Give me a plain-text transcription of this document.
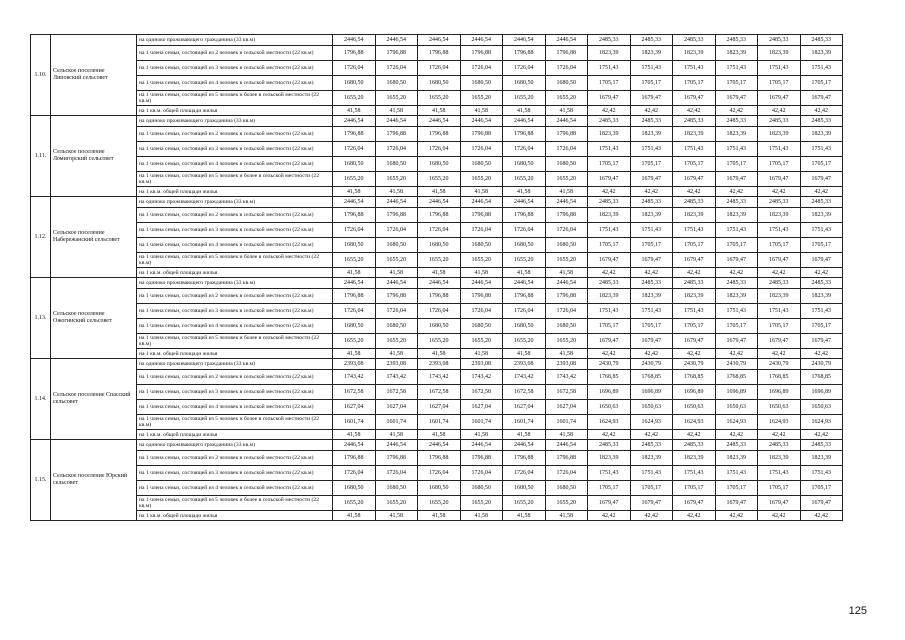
1.10.	Сельское поселение Липовский сельсовет	на одиноко проживающего гражданина (33 кв.м)	2446,54	2446,54	2446,54	2446,54	2446,54	2446,54	2485,33	2485,33	2485,33	2485,33	2485,33	2485,33
		на 1 члена семьи, состоящей из 2 человек в сельской местности (22 кв.м)	1796,88	1796,88	1796,88	1796,88	1796,88	1796,88	1823,39	1823,39	1823,39	1823,39	1823,39	1823,39
		на 1 члена семьи, состоящей из 3 человек в сельской местности (22 кв.м)	1726,04	1726,04	1726,04	1726,04	1726,04	1726,04	1751,43	1751,43	1751,43	1751,43	1751,43	1751,43
		на 1 члена семьи, состоящей из 4 человек в сельской местности (22 кв.м)	1680,50	1680,50	1680,50	1680,50	1680,50	1680,50	1705,17	1705,17	1705,17	1705,17	1705,17	1705,17
		на 1 члена семьи, состоящей из 5 человек и более в сельской местности (22 кв.м)	1655,20	1655,20	1655,20	1655,20	1655,20	1655,20	1679,47	1679,47	1679,47	1679,47	1679,47	1679,47
		на 1 кв.м. общей площади жилья	41,58	41,58	41,58	41,58	41,58	41,58	42,42	42,42	42,42	42,42	42,42	42,42
1.11.	Сельское поселение Ломигорский сельсовет	на одиноко проживающего гражданина (33 кв.м)	2446,54	2446,54	2446,54	2446,54	2446,54	2446,54	2485,33	2485,33	2485,33	2485,33	2485,33	2485,33
		на 1 члена семьи, состоящей из 2 человек в сельской местности (22 кв.м)	1796,88	1796,88	1796,88	1796,88	1796,88	1796,88	1823,39	1823,39	1823,39	1823,39	1823,39	1823,39
		на 1 члена семьи, состоящей из 3 человек в сельской местности (22 кв.м)	1726,04	1726,04	1726,04	1726,04	1726,04	1726,04	1751,43	1751,43	1751,43	1751,43	1751,43	1751,43
		на 1 члена семьи, состоящей из 4 человек в сельской местности (22 кв.м)	1680,50	1680,50	1680,50	1680,50	1680,50	1680,50	1705,17	1705,17	1705,17	1705,17	1705,17	1705,17
		на 1 члена семьи, состоящей из 5 человек и более в сельской местности (22 кв.м)	1655,20	1655,20	1655,20	1655,20	1655,20	1655,20	1679,47	1679,47	1679,47	1679,47	1679,47	1679,47
		на 1 кв.м. общей площади жилья	41,58	41,58	41,58	41,58	41,58	41,58	42,42	42,42	42,42	42,42	42,42	42,42
1.12.	Сельское поселение Набережанский сельсовет	на одиноко проживающего гражданина (33 кв.м)	2446,54	2446,54	2446,54	2446,54	2446,54	2446,54	2485,33	2485,33	2485,33	2485,33	2485,33	2485,33
		на 1 члена семьи, состоящей из 2 человек в сельской местности (22 кв.м)	1796,88	1796,88	1796,88	1796,88	1796,88	1796,88	1823,39	1823,39	1823,39	1823,39	1823,39	1823,39
		на 1 члена семьи, состоящей из 3 человек в сельской местности (22 кв.м)	1726,04	1726,04	1726,04	1726,04	1726,04	1726,04	1751,43	1751,43	1751,43	1751,43	1751,43	1751,43
		на 1 члена семьи, состоящей из 4 человек в сельской местности (22 кв.м)	1680,50	1680,50	1680,50	1680,50	1680,50	1680,50	1705,17	1705,17	1705,17	1705,17	1705,17	1705,17
		на 1 члена семьи, состоящей из 5 человек и более в сельской местности (22 кв.м)	1655,20	1655,20	1655,20	1655,20	1655,20	1655,20	1679,47	1679,47	1679,47	1679,47	1679,47	1679,47
		на 1 кв.м. общей площади жилья	41,58	41,58	41,58	41,58	41,58	41,58	42,42	42,42	42,42	42,42	42,42	42,42
1.13.	Сельское поселение Ожогинский сельсовет	на одиноко проживающего гражданина (33 кв.м)	2446,54	2446,54	2446,54	2446,54	2446,54	2446,54	2485,33	2485,33	2485,33	2485,33	2485,33	2485,33
		на 1 члена семьи, состоящей из 2 человек в сельской местности (22 кв.м)	1796,88	1796,88	1796,88	1796,88	1796,88	1796,88	1823,39	1823,39	1823,39	1823,39	1823,39	1823,39
		на 1 члена семьи, состоящей из 3 человек в сельской местности (22 кв.м)	1726,04	1726,04	1726,04	1726,04	1726,04	1726,04	1751,43	1751,43	1751,43	1751,43	1751,43	1751,43
		на 1 члена семьи, состоящей из 4 человек в сельской местности (22 кв.м)	1680,50	1680,50	1680,50	1680,50	1680,50	1680,50	1705,17	1705,17	1705,17	1705,17	1705,17	1705,17
		на 1 члена семьи, состоящей из 5 человек и более в сельской местности (22 кв.м)	1655,20	1655,20	1655,20	1655,20	1655,20	1655,20	1679,47	1679,47	1679,47	1679,47	1679,47	1679,47
		на 1 кв.м. общей площади жилья	41,58	41,58	41,58	41,58	41,58	41,58	42,42	42,42	42,42	42,42	42,42	42,42
1.14.	Сельское поселение Спасский сельсовет	на одиноко проживающего гражданина (33 кв.м)	2393,08	2393,08	2393,08	2393,08	2393,08	2393,08	2430,79	2430,79	2430,79	2430,79	2430,79	2430,79
		на 1 члена семьи, состоящей из 2 человек в сельской местности (22 кв.м)	1743,42	1743,42	1743,42	1743,42	1743,42	1743,42	1768,85	1768,85	1768,85	1768,85	1768,85	1768,85
		на 1 члена семьи, состоящей из 3 человек в сельской местности (22 кв.м)	1672,58	1672,58	1672,58	1672,58	1672,58	1672,58	1696,89	1696,89	1696,89	1696,89	1696,89	1696,89
		на 1 члена семьи, состоящей из 4 человек в сельской местности (22 кв.м)	1627,04	1627,04	1627,04	1627,04	1627,04	1627,04	1650,63	1650,63	1650,63	1650,63	1650,63	1650,63
		на 1 члена семьи, состоящей из 5 человек и более в сельской местности (22 кв.м)	1601,74	1601,74	1601,74	1601,74	1601,74	1601,74	1624,93	1624,93	1624,93	1624,93	1624,93	1624,93
		на 1 кв.м. общей площади жилья	41,58	41,58	41,58	41,58	41,58	41,58	42,42	42,42	42,42	42,42	42,42	42,42
1.15.	Сельское поселение Юрский сельсовет	на одиноко проживающего гражданина (33 кв.м)	2446,54	2446,54	2446,54	2446,54	2446,54	2446,54	2485,33	2485,33	2485,33	2485,33	2485,33	2485,33
		на 1 члена семьи, состоящей из 2 человек в сельской местности (22 кв.м)	1796,88	1796,88	1796,88	1796,88	1796,88	1796,88	1823,39	1823,39	1823,39	1823,39	1823,39	1823,39
		на 1 члена семьи, состоящей из 3 человек в сельской местности (22 кв.м)	1726,04	1726,04	1726,04	1726,04	1726,04	1726,04	1751,43	1751,43	1751,43	1751,43	1751,43	1751,43
		на 1 члена семьи, состоящей из 4 человек в сельской местности (22 кв.м)	1680,50	1680,50	1680,50	1680,50	1680,50	1680,50	1705,17	1705,17	1705,17	1705,17	1705,17	1705,17
		на 1 члена семьи, состоящей из 5 человек и более в сельской местности (22 кв.м)	1655,20	1655,20	1655,20	1655,20	1655,20	1655,20	1679,47	1679,47	1679,47	1679,47	1679,47	1679,47
		на 1 кв.м. общей площади жилья	41,58	41,58	41,58	41,58	41,58	41,58	42,42	42,42	42,42	42,42	42,42	42,42
125
